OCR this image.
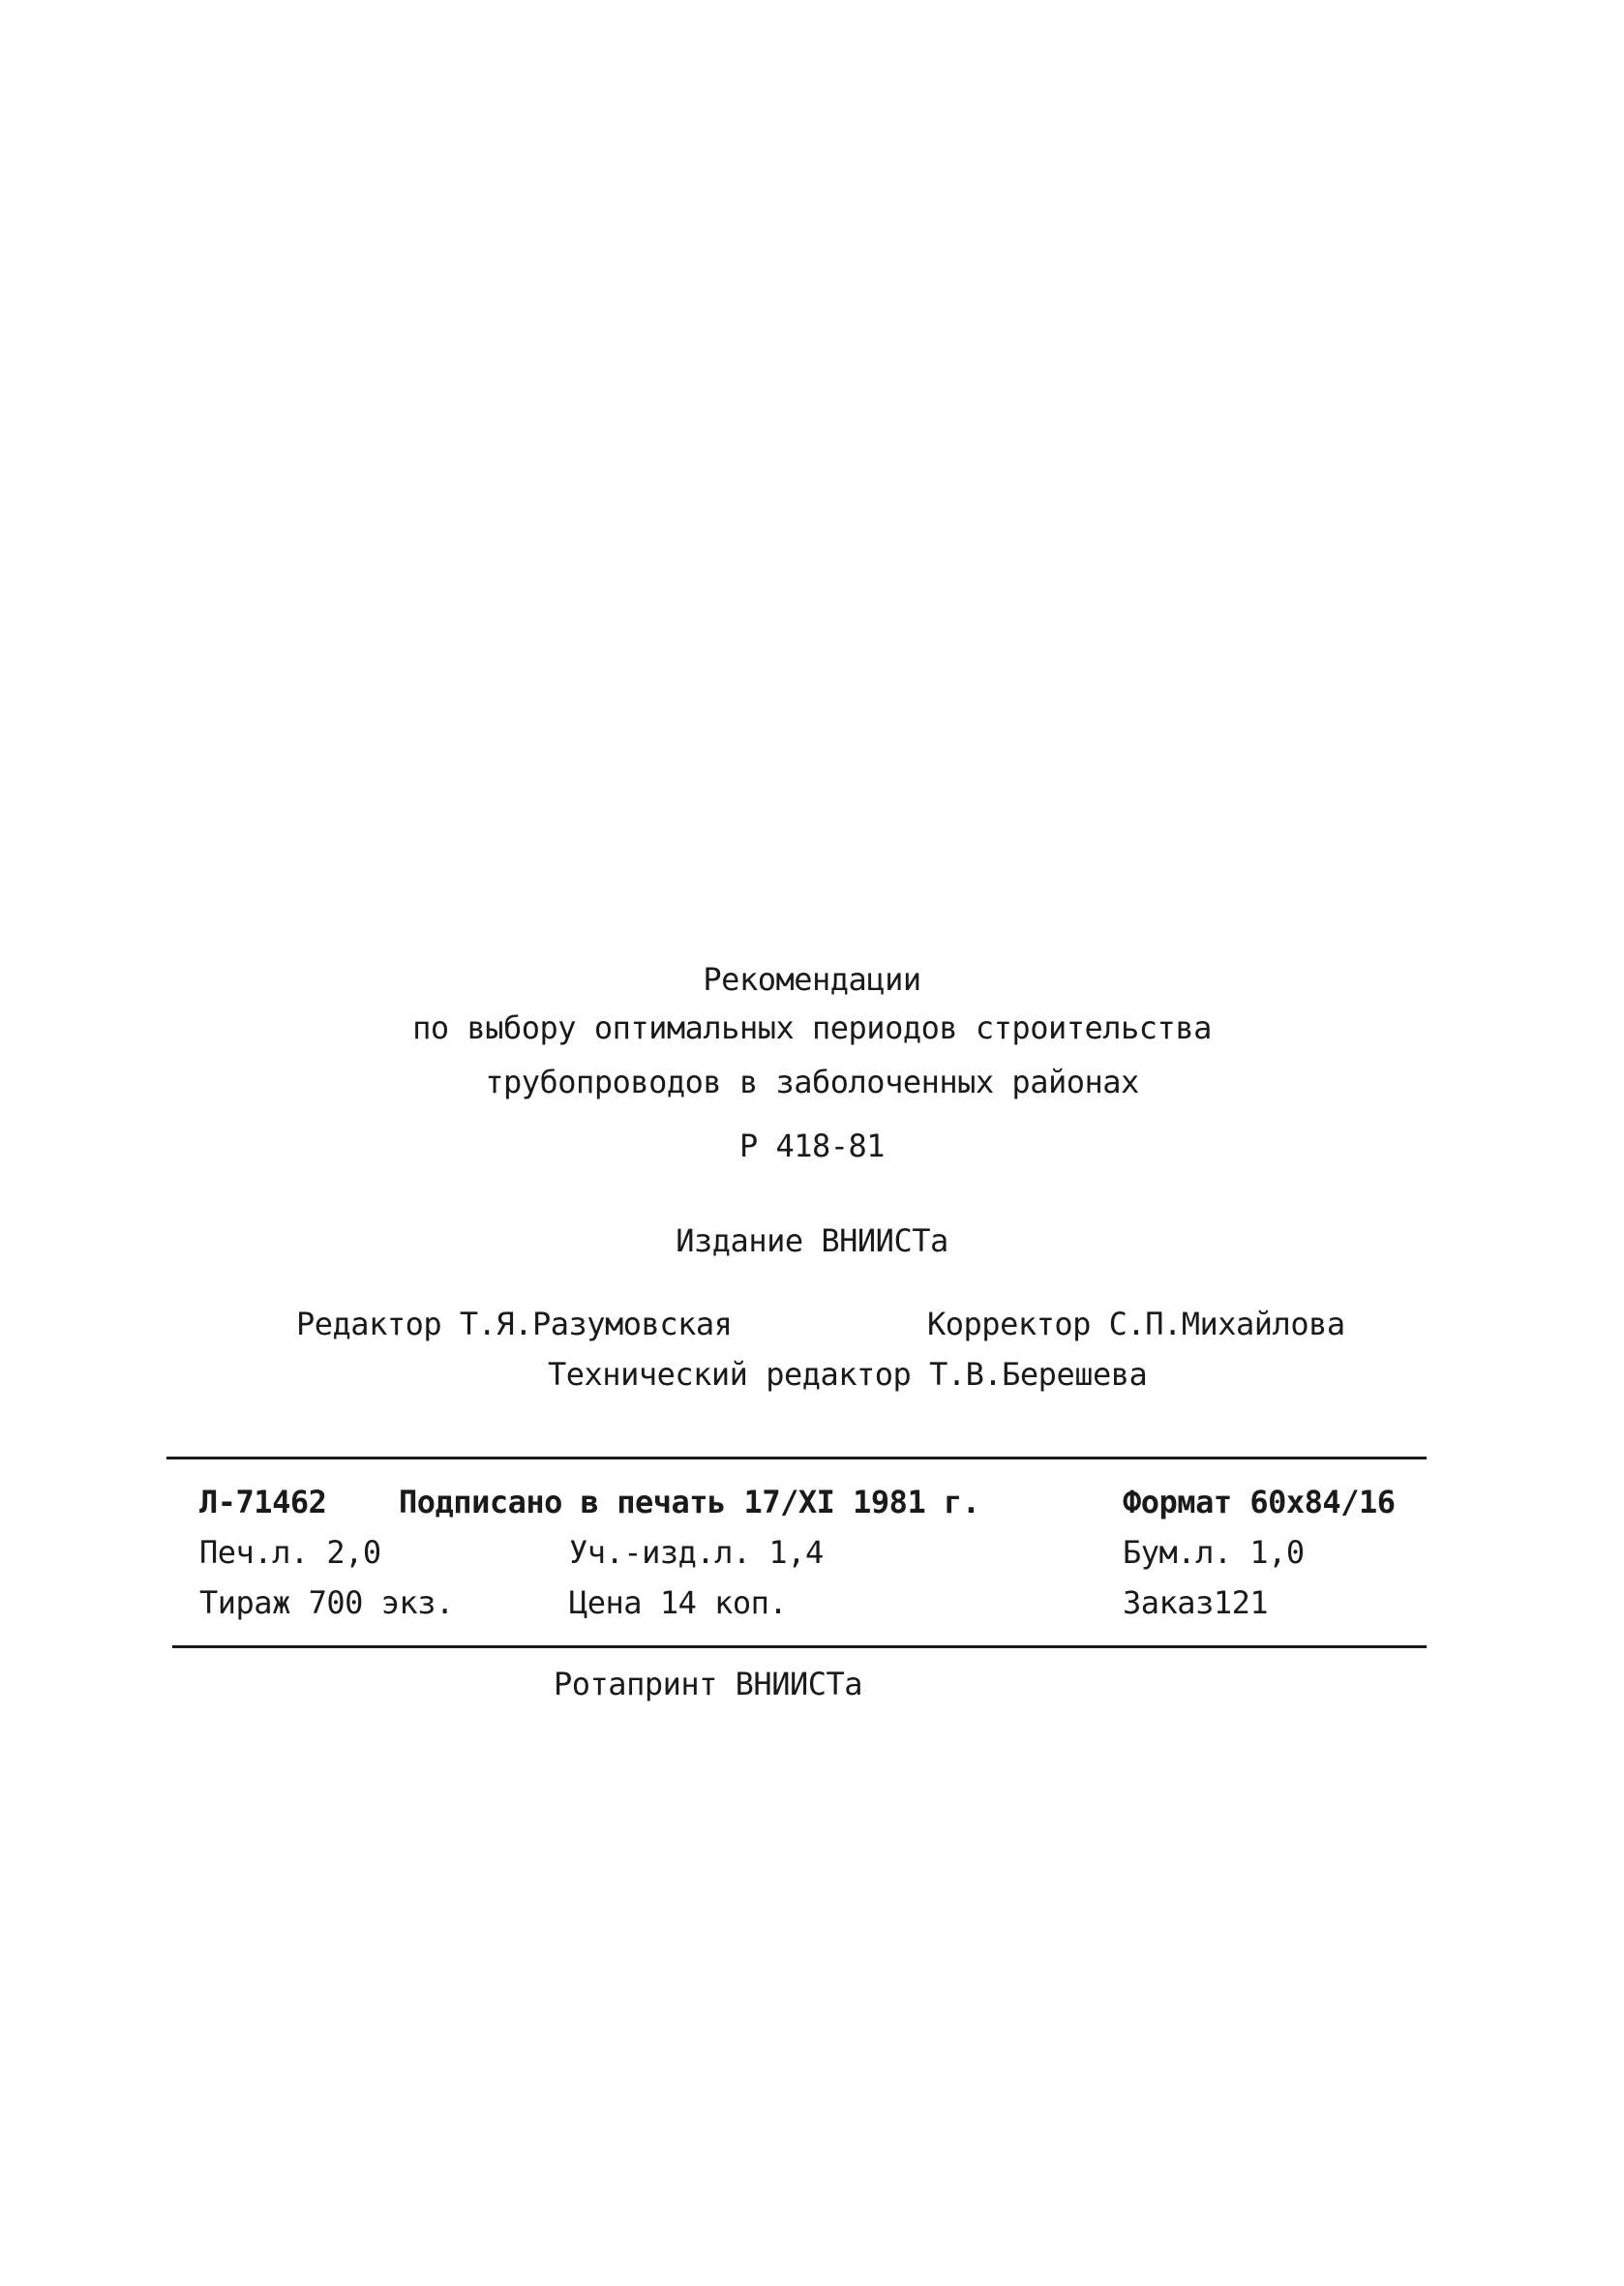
Рекомендации
по выбору оптимальных периодов строительства
трубопроводов в заболоченных районах
Р 418-81
Издание ВНИИСТа
Редактор Т.Я.Разумовская	Корректор С.П.Михайлова
Технический редактор Т.В.Берешева
Л-71462 Подписано в печать 17/XI 1981 г.	Формат 60x84/16
Печ.л. 2,0	Уч.-изд.л. 1,4	Бум.л. 1,0
Тираж 700 экз.	Цена 14 коп.	Заказ121
Ротапринт ВНИИСТа
